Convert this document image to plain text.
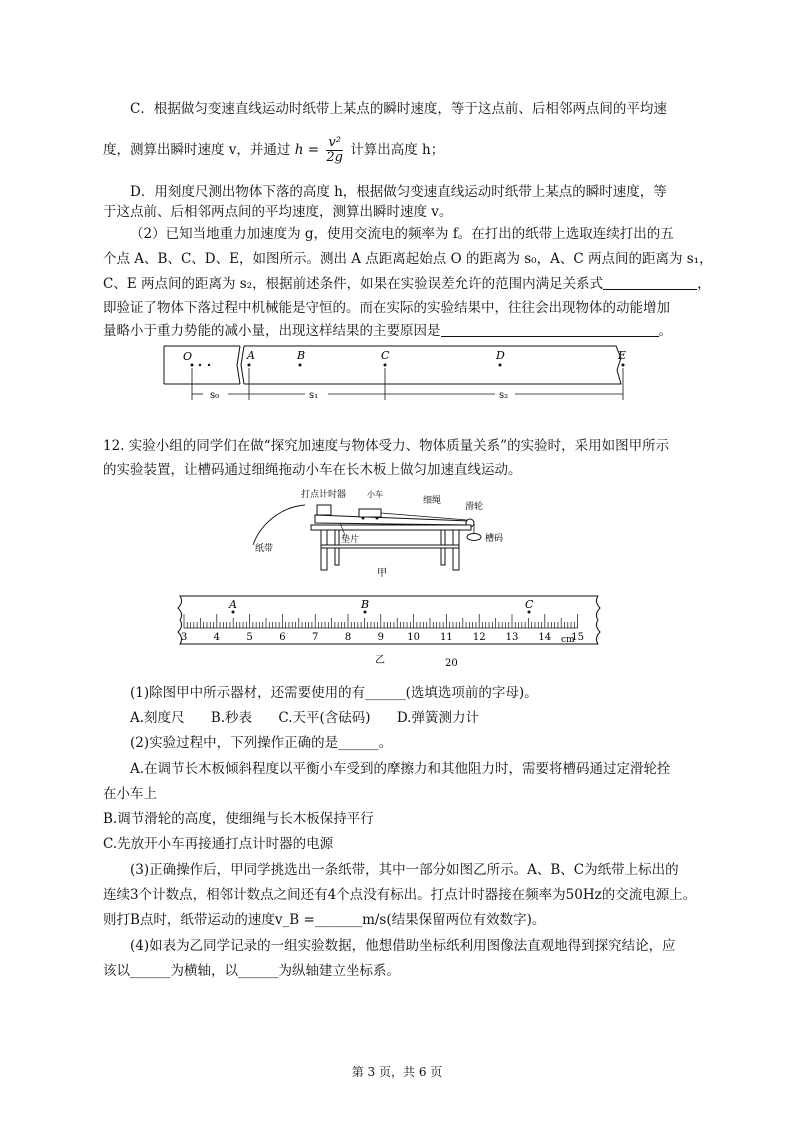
C．根据做匀变速直线运动时纸带上某点的瞬时速度，等于这点前、后相邻两点间的平均速
度，测算出瞬时速度 v，并通过 $h = \frac{\text{v²}}{2g}$ 计算出高度 h；
D．用刻度尺测出物体下落的高度 h，根据做匀变速直线运动时纸带上某点的瞬时速度，等
于这点前、后相邻两点间的平均速度，测算出瞬时速度 v。
（2）已知当地重力加速度为 g，使用交流电的频率为 f。在打出的纸带上选取连续打出的五
个点 A、B、C、D、E，如图所示。测出 A 点距离起始点 O 的距离为 s₀，A、C 两点间的距离为 s₁，
C、E 两点间的距离为 s₂，根据前述条件，如果在实验误差允许的范围内满足关系式	，
即验证了物体下落过程中机械能是守恒的。而在实际的实验结果中，往往会出现物体的动能增加
量略小于重力势能的减小量，出现这样结果的主要原因是	。
O	A	B	C	D	E
s₀	s₁	s₂
12. 实验小组的同学们在做“探究加速度与物体受力、物体质量关系”的实验时，采用如图甲所示
的实验装置，让槽码通过细绳拖动小车在长木板上做匀加速直线运动。
打点计时器	小车
细绳
滑轮
纸带
垫片	槽码
甲
3	4	5	6	7	8	9 10 11 12 13 14 15
cm
A	B	C
乙	20
(1)除图甲中所示器材，还需要使用的有______(选填选项前的字母)。
A.刻度尺 B.秒表 C.天平(含砝码) D.弹簧测力计
(2)实验过程中，下列操作正确的是______。
A.在调节长木板倾斜程度以平衡小车受到的摩擦力和其他阻力时，需要将槽码通过定滑轮拴
在小车上
B.调节滑轮的高度，使细绳与长木板保持平行
C.先放开小车再接通打点计时器的电源
(3)正确操作后，甲同学挑选出一条纸带，其中一部分如图乙所示。A、B、C为纸带上标出的
连续3个计数点，相邻计数点之间还有4个点没有标出。打点计时器接在频率为50Hz的交流电源上。
则打B点时，纸带运动的速度v_B =_______m/s(结果保留两位有效数字)。
(4)如表为乙同学记录的一组实验数据，他想借助坐标纸利用图像法直观地得到探究结论，应
该以______为横轴，以______为纵轴建立坐标系。
第 3 页，共 6 页
